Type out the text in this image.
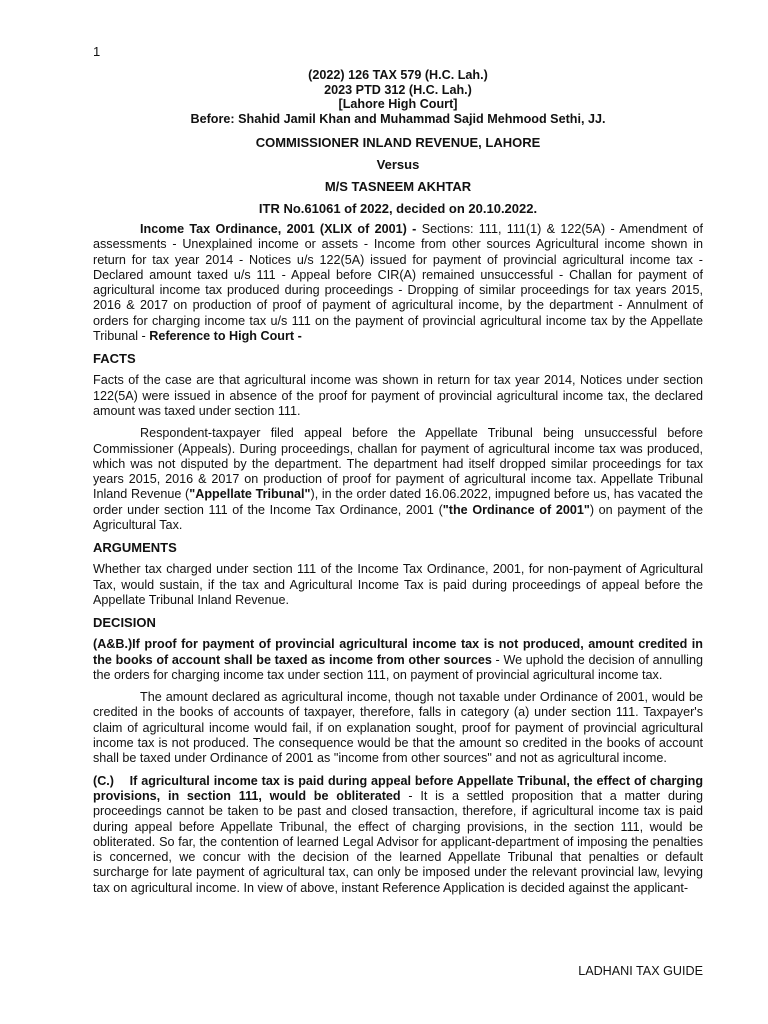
1
(2022) 126 TAX 579 (H.C. Lah.)
2023 PTD 312 (H.C. Lah.)
[Lahore High Court]
Before: Shahid Jamil Khan and Muhammad Sajid Mehmood Sethi, JJ.
COMMISSIONER INLAND REVENUE, LAHORE
Versus
M/S TASNEEM AKHTAR
ITR No.61061 of 2022, decided on 20.10.2022.

Income Tax Ordinance, 2001 (XLIX of 2001) - Sections: 111, 111(1) & 122(5A) - Amendment of assessments - Unexplained income or assets - Income from other sources Agricultural income shown in return for tax year 2014 - Notices u/s 122(5A) issued for payment of provincial agricultural income tax - Declared amount taxed u/s 111 - Appeal before CIR(A) remained unsuccessful - Challan for payment of agricultural income tax produced during proceedings - Dropping of similar proceedings for tax years 2015, 2016 & 2017 on production of proof of payment of agricultural income, by the department - Annulment of orders for charging income tax u/s 111 on the payment of provincial agricultural income tax by the Appellate Tribunal - Reference to High Court -

FACTS

Facts of the case are that agricultural income was shown in return for tax year 2014, Notices under section 122(5A) were issued in absence of the proof for payment of provincial agricultural income tax, the declared amount was taxed under section 111.

Respondent-taxpayer filed appeal before the Appellate Tribunal being unsuccessful before Commissioner (Appeals). During proceedings, challan for payment of agricultural income tax was produced, which was not disputed by the department. The department had itself dropped similar proceedings for tax years 2015, 2016 & 2017 on production of proof for payment of agricultural income tax. Appellate Tribunal Inland Revenue ("Appellate Tribunal"), in the order dated 16.06.2022, impugned before us, has vacated the order under section 111 of the Income Tax Ordinance, 2001 ("the Ordinance of 2001") on payment of the Agricultural Tax.

ARGUMENTS

Whether tax charged under section 111 of the Income Tax Ordinance, 2001, for non-payment of Agricultural Tax, would sustain, if the tax and Agricultural Income Tax is paid during proceedings of appeal before the Appellate Tribunal Inland Revenue.

DECISION

(A&B.)If proof for payment of provincial agricultural income tax is not produced, amount credited in the books of account shall be taxed as income from other sources - We uphold the decision of annulling the orders for charging income tax under section 111, on payment of provincial agricultural income tax.

The amount declared as agricultural income, though not taxable under Ordinance of 2001, would be credited in the books of accounts of taxpayer, therefore, falls in category (a) under section 111. Taxpayer's claim of agricultural income would fail, if on explanation sought, proof for payment of provincial agricultural income tax is not produced. The consequence would be that the amount so credited in the books of account shall be taxed under Ordinance of 2001 as "income from other sources" and not as agricultural income.

(C.) If agricultural income tax is paid during appeal before Appellate Tribunal, the effect of charging provisions, in section 111, would be obliterated - It is a settled proposition that a matter during proceedings cannot be taken to be past and closed transaction, therefore, if agricultural income tax is paid during appeal before Appellate Tribunal, the effect of charging provisions, in the section 111, would be obliterated. So far, the contention of learned Legal Advisor for applicant-department of imposing the penalties is concerned, we concur with the decision of the learned Appellate Tribunal that penalties or default surcharge for late payment of agricultural tax, can only be imposed under the relevant provincial law, levying tax on agricultural income. In view of above, instant Reference Application is decided against the applicant-

LADHANI TAX GUIDE
